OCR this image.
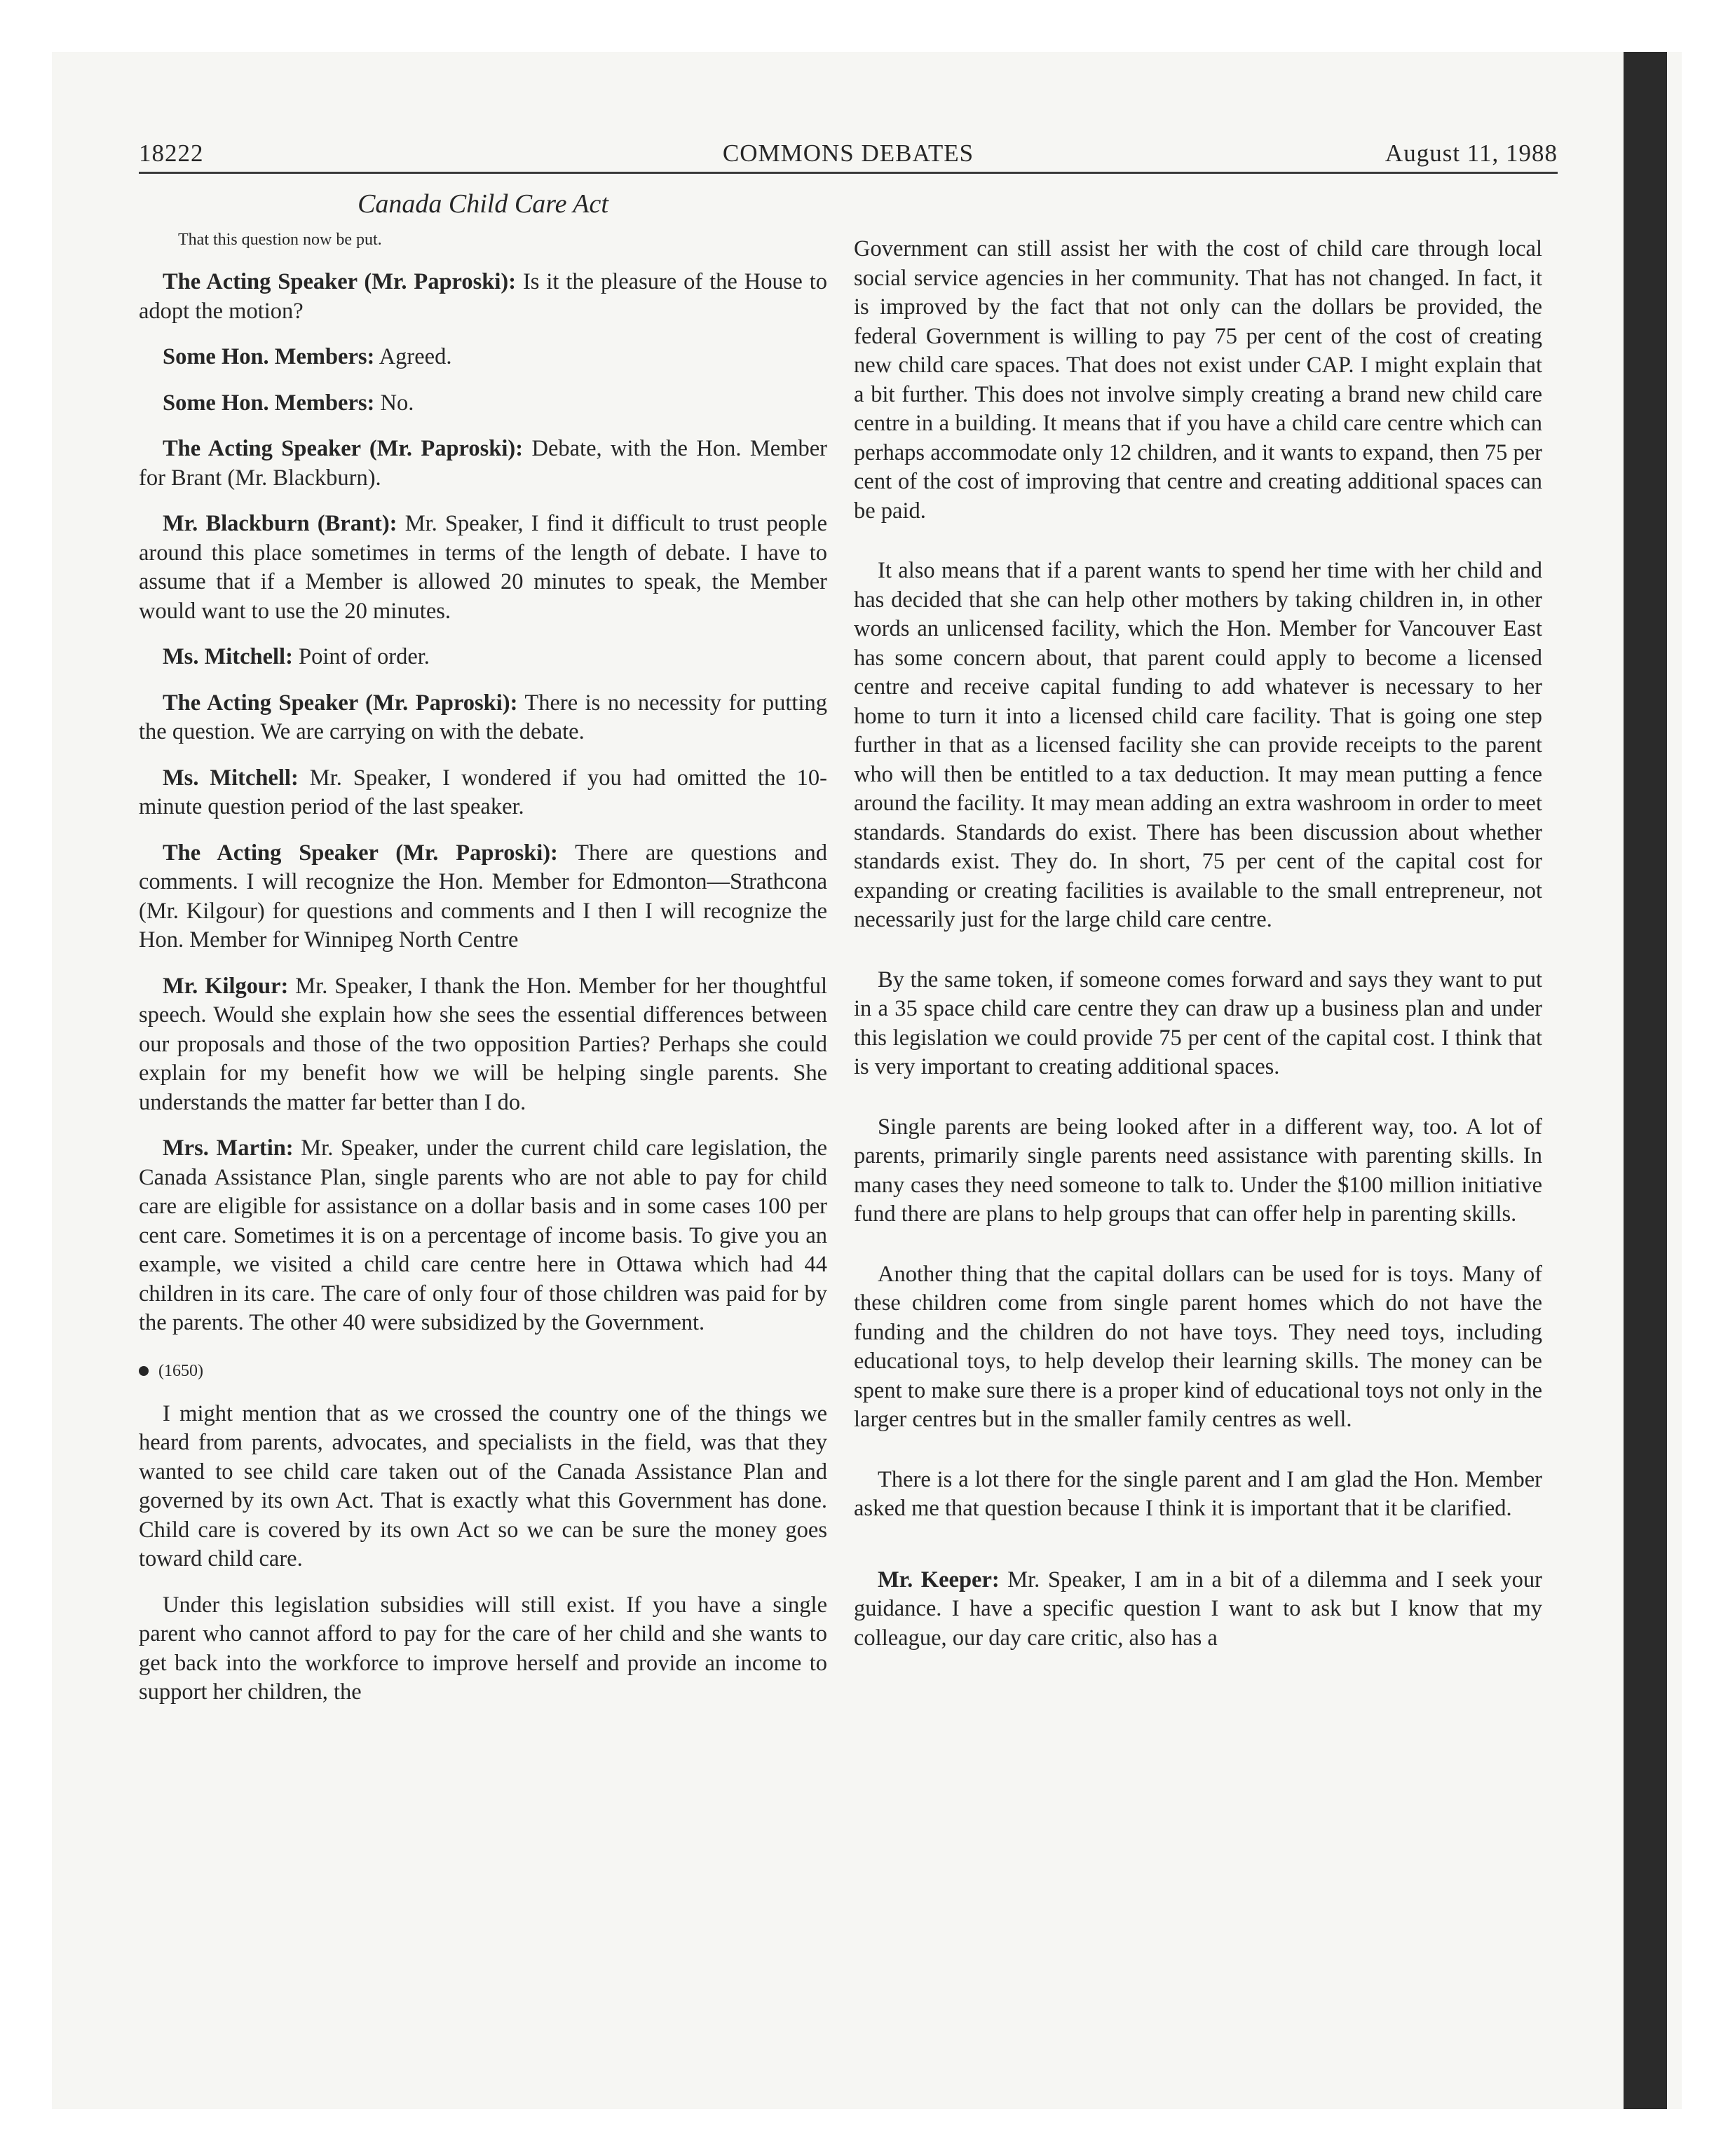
18222	COMMONS DEBATES	August 11, 1988
Canada Child Care Act

That this question now be put.

The Acting Speaker (Mr. Paproski): Is it the pleasure of the House to adopt the motion?

Some Hon. Members: Agreed.

Some Hon. Members: No.

The Acting Speaker (Mr. Paproski): Debate, with the Hon. Member for Brant (Mr. Blackburn).

Mr. Blackburn (Brant): Mr. Speaker, I find it difficult to trust people around this place sometimes in terms of the length of debate. I have to assume that if a Member is allowed 20 minutes to speak, the Member would want to use the 20 minutes.

Ms. Mitchell: Point of order.

The Acting Speaker (Mr. Paproski): There is no necessity for putting the question. We are carrying on with the debate.

Ms. Mitchell: Mr. Speaker, I wondered if you had omitted the 10-minute question period of the last speaker.

The Acting Speaker (Mr. Paproski): There are questions and comments. I will recognize the Hon. Member for Edmonton—Strathcona (Mr. Kilgour) for questions and comments and I then I will recognize the Hon. Member for Winnipeg North Centre

Mr. Kilgour: Mr. Speaker, I thank the Hon. Member for her thoughtful speech. Would she explain how she sees the essential differences between our proposals and those of the two opposition Parties? Perhaps she could explain for my benefit how we will be helping single parents. She understands the matter far better than I do.

Mrs. Martin: Mr. Speaker, under the current child care legislation, the Canada Assistance Plan, single parents who are not able to pay for child care are eligible for assistance on a dollar basis and in some cases 100 per cent care. Sometimes it is on a percentage of income basis. To give you an example, we visited a child care centre here in Ottawa which had 44 children in its care. The care of only four of those children was paid for by the parents. The other 40 were subsidized by the Government.

(1650)

I might mention that as we crossed the country one of the things we heard from parents, advocates, and specialists in the field, was that they wanted to see child care taken out of the Canada Assistance Plan and governed by its own Act. That is exactly what this Government has done. Child care is covered by its own Act so we can be sure the money goes toward child care.

Under this legislation subsidies will still exist. If you have a single parent who cannot afford to pay for the care of her child and she wants to get back into the workforce to improve herself and provide an income to support her children, the

Government can still assist her with the cost of child care through local social service agencies in her community. That has not changed. In fact, it is improved by the fact that not only can the dollars be provided, the federal Government is willing to pay 75 per cent of the cost of creating new child care spaces. That does not exist under CAP. I might explain that a bit further. This does not involve simply creating a brand new child care centre in a building. It means that if you have a child care centre which can perhaps accommodate only 12 children, and it wants to expand, then 75 per cent of the cost of improving that centre and creating additional spaces can be paid.

It also means that if a parent wants to spend her time with her child and has decided that she can help other mothers by taking children in, in other words an unlicensed facility, which the Hon. Member for Vancouver East has some concern about, that parent could apply to become a licensed centre and receive capital funding to add whatever is necessary to her home to turn it into a licensed child care facility. That is going one step further in that as a licensed facility she can provide receipts to the parent who will then be entitled to a tax deduction. It may mean putting a fence around the facility. It may mean adding an extra washroom in order to meet standards. Standards do exist. There has been discussion about whether standards exist. They do. In short, 75 per cent of the capital cost for expanding or creating facilities is available to the small entrepreneur, not necessarily just for the large child care centre.

By the same token, if someone comes forward and says they want to put in a 35 space child care centre they can draw up a business plan and under this legislation we could provide 75 per cent of the capital cost. I think that is very important to creating additional spaces.

Single parents are being looked after in a different way, too. A lot of parents, primarily single parents need assistance with parenting skills. In many cases they need someone to talk to. Under the $100 million initiative fund there are plans to help groups that can offer help in parenting skills.

Another thing that the capital dollars can be used for is toys. Many of these children come from single parent homes which do not have the funding and the children do not have toys. They need toys, including educational toys, to help develop their learning skills. The money can be spent to make sure there is a proper kind of educational toys not only in the larger centres but in the smaller family centres as well.

There is a lot there for the single parent and I am glad the Hon. Member asked me that question because I think it is important that it be clarified.

Mr. Keeper: Mr. Speaker, I am in a bit of a dilemma and I seek your guidance. I have a specific question I want to ask but I know that my colleague, our day care critic, also has a
